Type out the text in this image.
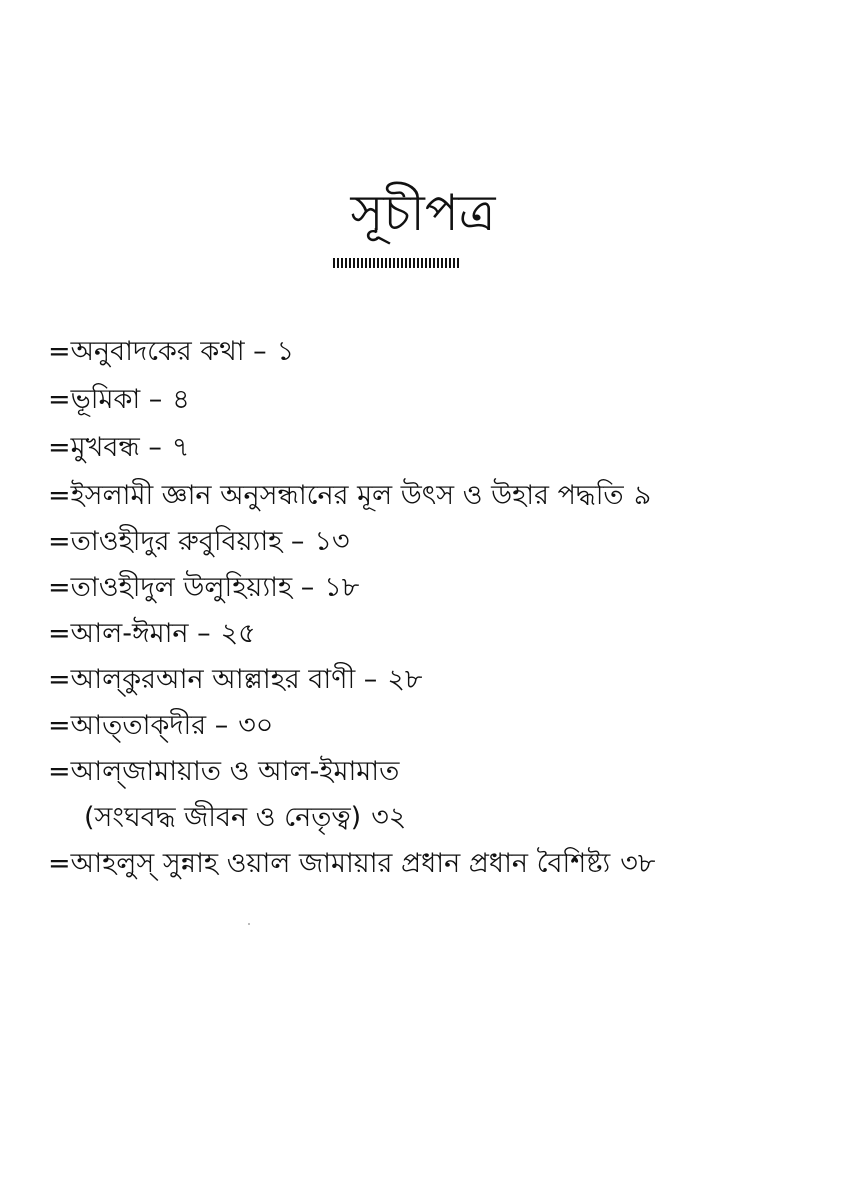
সূচীপত্র
=অনুবাদকের কথা – ১
=ভূমিকা – ৪
=মুখবন্ধ – ৭
=ইসলামী জ্ঞান অনুসন্ধানের মূল উৎস ও উহার পদ্ধতি ৯
=তাওহীদুর রুবুবিয়্যাহ – ১৩
=তাওহীদুল উলুহিয়্যাহ – ১৮
=আল-ঈমান – ২৫
=আল্‌কুরআন আল্লাহর বাণী – ২৮
=আত্‌তাক্‌দীর – ৩০
=আল্‌জামায়াত ও আল-ইমামাত
(সংঘবদ্ধ জীবন ও নেতৃত্ব) ৩২
=আহলুস্‌ সুন্নাহ ওয়াল জামায়ার প্রধান প্রধান বৈশিষ্ট্য ৩৮
